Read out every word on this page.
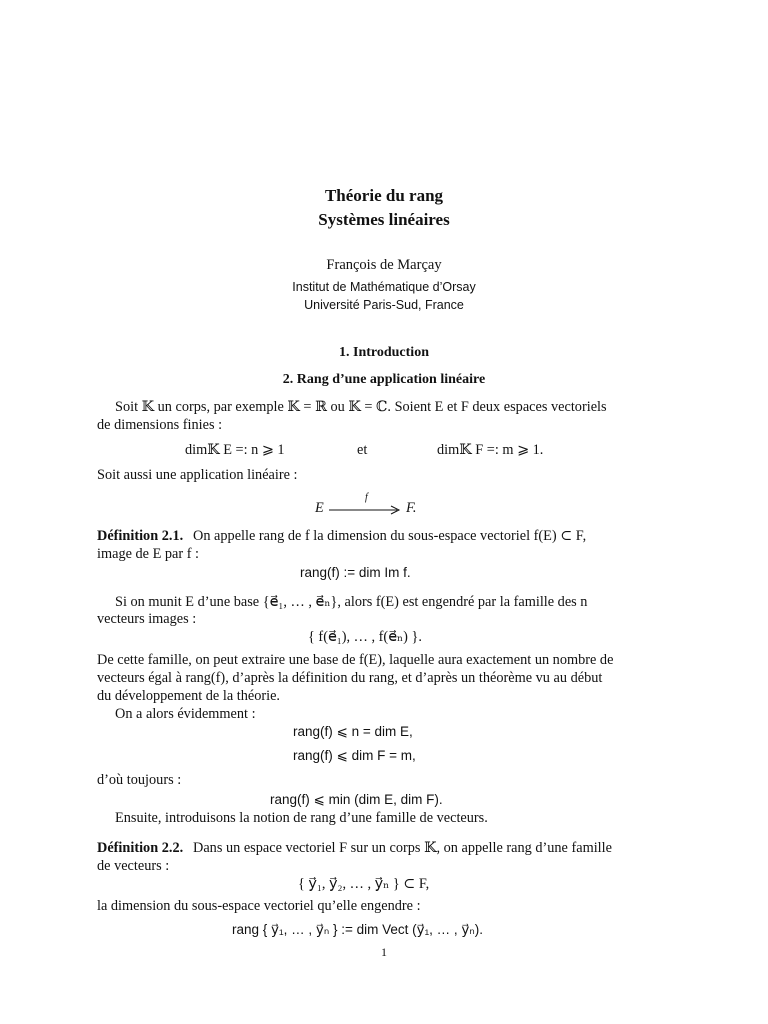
Théorie du rang
Systèmes linéaires
François de Marçay
Institut de Mathématique d’Orsay
Université Paris-Sud, France
1. Introduction
2. Rang d’une application linéaire
Soit 𝕂 un corps, par exemple 𝕂 = ℝ ou 𝕂 = ℂ. Soient E et F deux espaces vectoriels
de dimensions finies :
dim𝕂 E =: n ⩾ 1	et	dim𝕂 F =: m ⩾ 1.
Soit aussi une application linéaire :
E
f
F.
Définition 2.1. On appelle rang de f la dimension du sous-espace vectoriel f(E) ⊂ F,
image de E par f :
rang(f) := dim Im f.
Si on munit E d’une base {e⃗₁, … , e⃗ₙ}, alors f(E) est engendré par la famille des n
vecteurs images :
{ f(e⃗₁), … , f(e⃗ₙ) }.
De cette famille, on peut extraire une base de f(E), laquelle aura exactement un nombre de
vecteurs égal à rang(f), d’après la définition du rang, et d’après un théorème vu au début
du développement de la théorie.
On a alors évidemment :
rang(f) ⩽ n = dim E,
rang(f) ⩽ dim F = m,
d’où toujours :
rang(f) ⩽ min (dim E, dim F).
Ensuite, introduisons la notion de rang d’une famille de vecteurs.
Définition 2.2. Dans un espace vectoriel F sur un corps 𝕂, on appelle rang d’une famille
de vecteurs :
{ y⃗₁, y⃗₂, … , y⃗ₙ } ⊂ F,
la dimension du sous-espace vectoriel qu’elle engendre :
rang { y⃗₁, … , y⃗ₙ } := dim Vect (y⃗₁, … , y⃗ₙ).
1
